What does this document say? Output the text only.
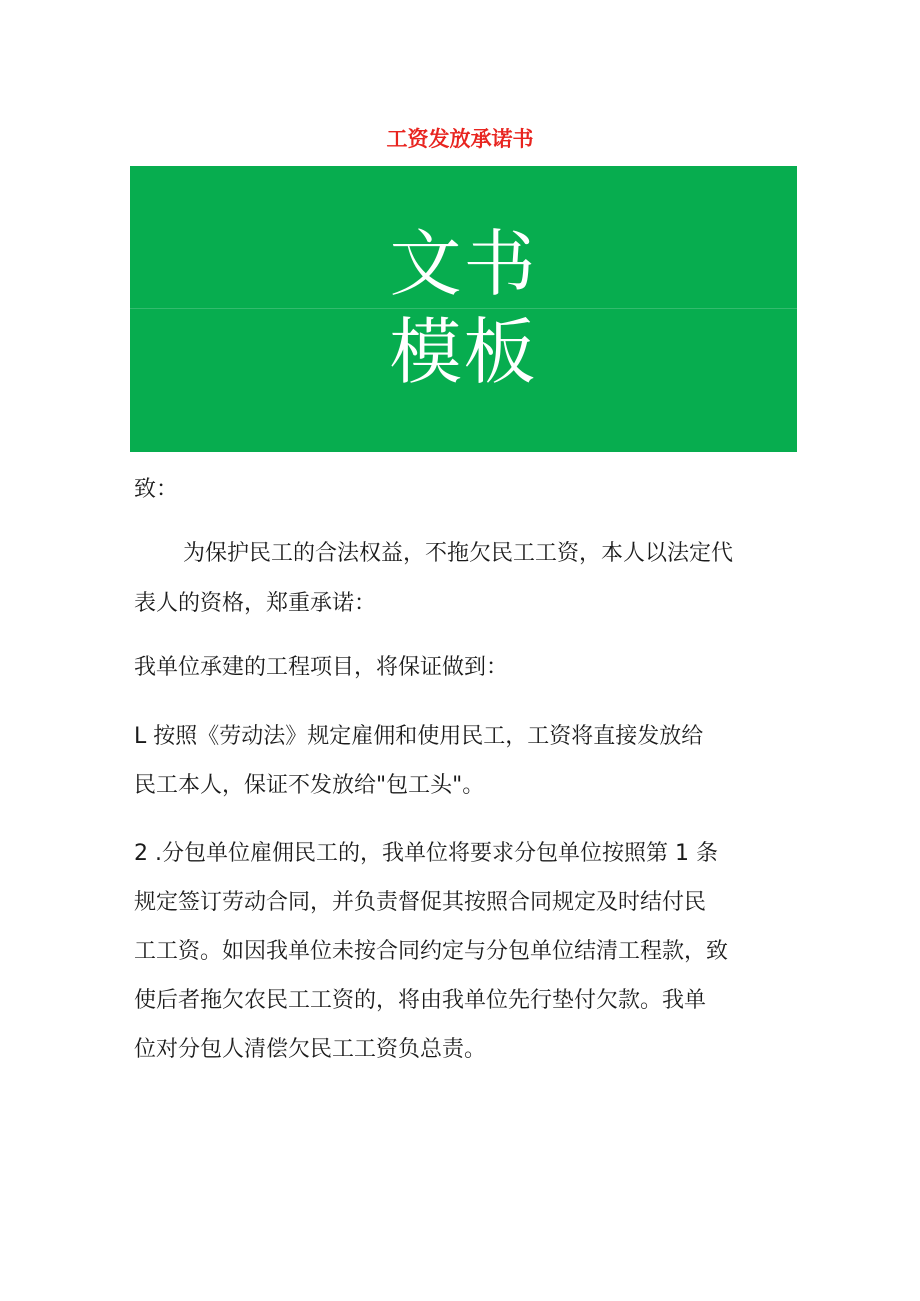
工资发放承诺书
文书
模板
致：
为保护民工的合法权益，不拖欠民工工资，本人以法定代
表人的资格，郑重承诺：
我单位承建的工程项目，将保证做到：
L 按照《劳动法》规定雇佣和使用民工，工资将直接发放给
民工本人，保证不发放给"包工头"。
2 .分包单位雇佣民工的，我单位将要求分包单位按照第 1 条
规定签订劳动合同，并负责督促其按照合同规定及时结付民
工工资。如因我单位未按合同约定与分包单位结清工程款，致
使后者拖欠农民工工资的，将由我单位先行垫付欠款。我单
位对分包人清偿欠民工工资负总责。
